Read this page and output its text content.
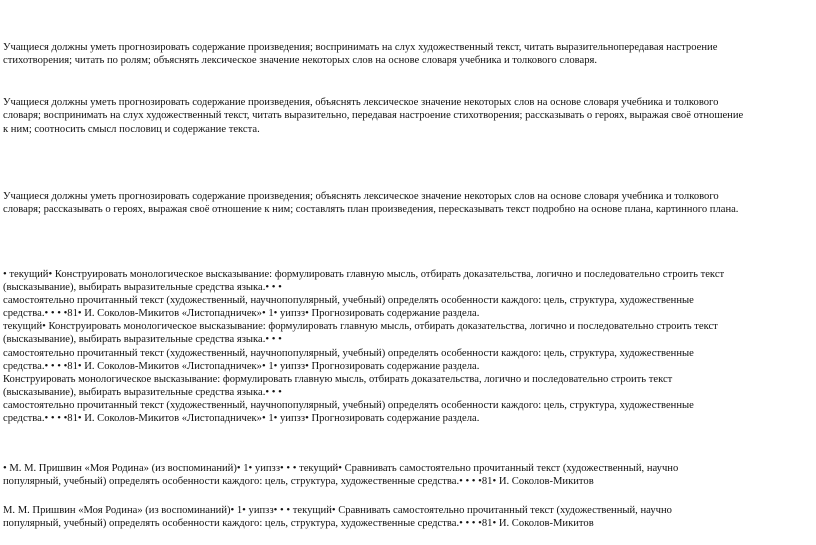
Учащиеся должны уметь прогнозировать содержание произведения; воспринимать на слух художественный текст, читать выразительнопередавая настроение
стихотворения; читать по ролям; объяснять лексическое значение некоторых слов на основе словаря учебника и толкового словаря.
Учащиеся должны уметь прогнозировать содержание произведения, объяснять лексическое значение некоторых слов на основе словаря учебника и толкового
словаря; воспринимать на слух художественный текст, читать выразительно, передавая настроение стихотворения; рассказывать о героях, выражая своё отношение
к ним; соотносить смысл пословиц и содержание текста.
Учащиеся должны уметь прогнозировать содержание произведения; объяснять лексическое значение некоторых слов на основе словаря учебника и толкового
словаря; рассказывать о героях, выражая своё отношение к ним; составлять план произведения, пересказывать текст подробно на основе плана, картинного плана.
• текущий• Конструировать монологическое высказывание: формулировать главную мысль, отбирать доказательства, логично и последовательно строить текст
(высказывание), выбирать выразительные средства языка.• • •
самостоятельно прочитанный текст (художественный, научнопопулярный, учебный) определять особенности каждого: цель, структура, художественные
средства.• • • •81• И. Соколов-Микитов «Листопадничек»• 1• уипзз• Прогнозировать содержание раздела.
текущий• Конструировать монологическое высказывание: формулировать главную мысль, отбирать доказательства, логично и последовательно строить текст
(высказывание), выбирать выразительные средства языка.• • •
самостоятельно прочитанный текст (художественный, научнопопулярный, учебный) определять особенности каждого: цель, структура, художественные
средства.• • • •81• И. Соколов-Микитов «Листопадничек»• 1• уипзз• Прогнозировать содержание раздела.
Конструировать монологическое высказывание: формулировать главную мысль, отбирать доказательства, логично и последовательно строить текст
(высказывание), выбирать выразительные средства языка.• • •
самостоятельно прочитанный текст (художественный, научнопопулярный, учебный) определять особенности каждого: цель, структура, художественные
средства.• • • •81• И. Соколов-Микитов «Листопадничек»• 1• уипзз• Прогнозировать содержание раздела.
• М. М. Пришвин «Моя Родина» (из воспоминаний)• 1• уипзз• • • текущий• Сравнивать самостоятельно прочитанный текст (художественный, научно
популярный, учебный) определять особенности каждого: цель, структура, художественные средства.• • • •81• И. Соколов-Микитов
М. М. Пришвин «Моя Родина» (из воспоминаний)• 1• уипзз• • • текущий• Сравнивать самостоятельно прочитанный текст (художественный, научно
популярный, учебный) определять особенности каждого: цель, структура, художественные средства.• • • •81• И. Соколов-Микитов
